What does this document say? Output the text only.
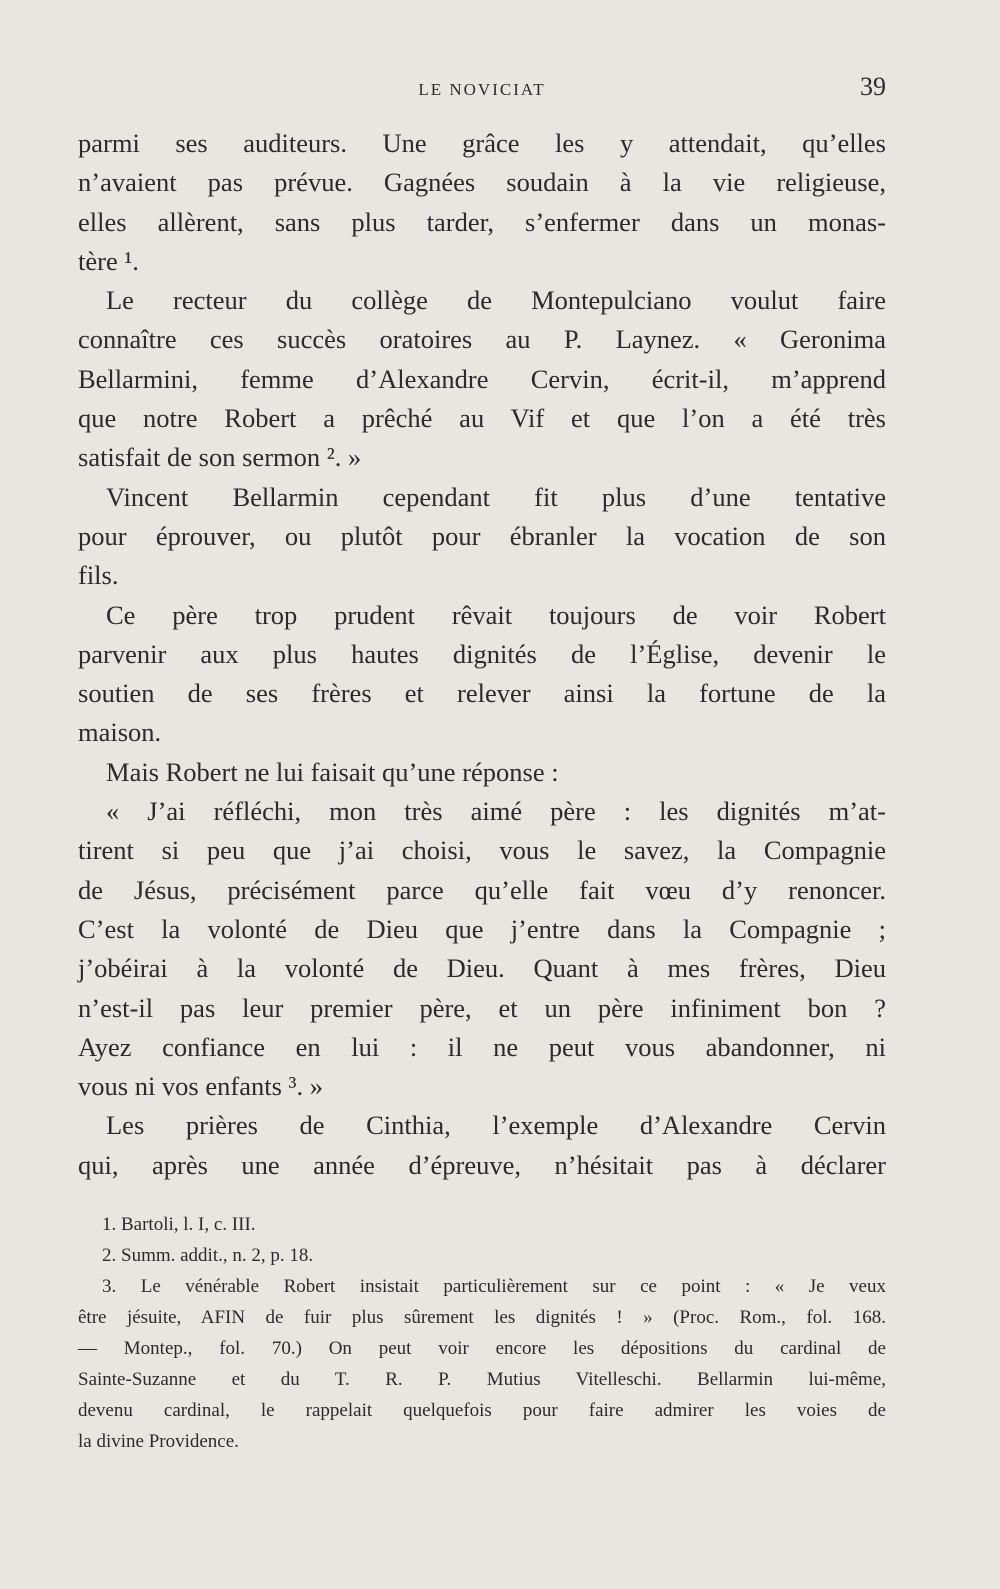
LE NOVICIAT	39
parmi ses auditeurs. Une grâce les y attendait, qu’elles
n’avaient pas prévue. Gagnées soudain à la vie religieuse,
elles allèrent, sans plus tarder, s’enfermer dans un monas-
tère ¹.
Le recteur du collège de Montepulciano voulut faire
connaître ces succès oratoires au P. Laynez. « Geronima
Bellarmini, femme d’Alexandre Cervin, écrit-il, m’apprend
que notre Robert a prêché au Vif et que l’on a été très
satisfait de son sermon ². »
Vincent Bellarmin cependant fit plus d’une tentative
pour éprouver, ou plutôt pour ébranler la vocation de son
fils.
Ce père trop prudent rêvait toujours de voir Robert
parvenir aux plus hautes dignités de l’Église, devenir le
soutien de ses frères et relever ainsi la fortune de la
maison.
Mais Robert ne lui faisait qu’une réponse :
« J’ai réfléchi, mon très aimé père : les dignités m’at-
tirent si peu que j’ai choisi, vous le savez, la Compagnie
de Jésus, précisément parce qu’elle fait vœu d’y renoncer.
C’est la volonté de Dieu que j’entre dans la Compagnie ;
j’obéirai à la volonté de Dieu. Quant à mes frères, Dieu
n’est-il pas leur premier père, et un père infiniment bon ?
Ayez confiance en lui : il ne peut vous abandonner, ni
vous ni vos enfants ³. »
Les prières de Cinthia, l’exemple d’Alexandre Cervin
qui, après une année d’épreuve, n’hésitait pas à déclarer
1. Bartoli, l. I, c. III.
2. Summ. addit., n. 2, p. 18.
3. Le vénérable Robert insistait particulièrement sur ce point : « Je veux
être jésuite, AFIN de fuir plus sûrement les dignités ! » (Proc. Rom., fol. 168.
— Montep., fol. 70.) On peut voir encore les dépositions du cardinal de
Sainte-Suzanne et du T. R. P. Mutius Vitelleschi. Bellarmin lui-même,
devenu cardinal, le rappelait quelquefois pour faire admirer les voies de
la divine Providence.
